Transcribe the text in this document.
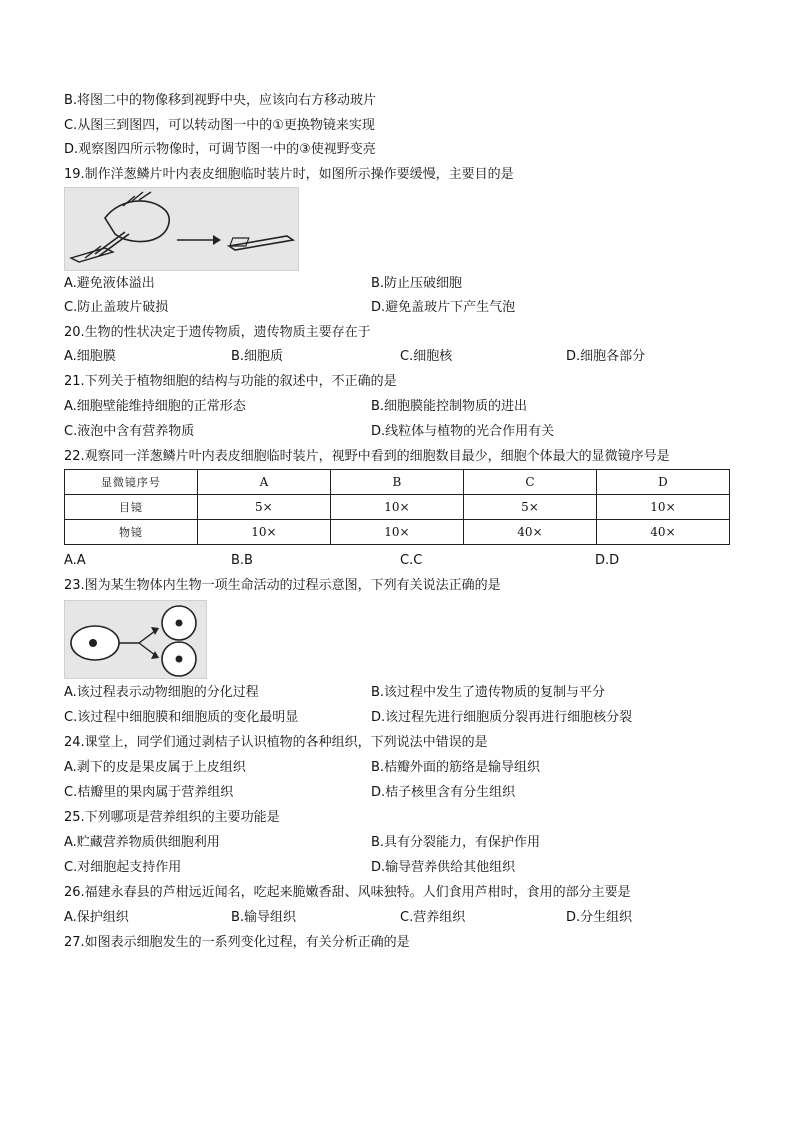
B.将图二中的物像移到视野中央，应该向右方移动玻片
C.从图三到图四，可以转动图一中的①更换物镜来实现
D.观察图四所示物像时，可调节图一中的③使视野变亮
19.制作洋葱鳞片叶内表皮细胞临时装片时，如图所示操作要缓慢，主要目的是
A.避免液体溢出	B.防止压破细胞
C.防止盖玻片破损	D.避免盖玻片下产生气泡
20.生物的性状决定于遗传物质，遗传物质主要存在于
A.细胞膜	B.细胞质	C.细胞核	D.细胞各部分
21.下列关于植物细胞的结构与功能的叙述中，不正确的是
A.细胞壁能维持细胞的正常形态	B.细胞膜能控制物质的进出
C.液泡中含有营养物质	D.线粒体与植物的光合作用有关
22.观察同一洋葱鳞片叶内表皮细胞临时装片，视野中看到的细胞数目最少，细胞个体最大的显微镜序号是
显微镜序号	A	B	C	D
目镜	5×	10×	5×	10×
物镜	10×	10×	40×	40×
A.A	B.B	C.C	D.D
23.图为某生物体内生物一项生命活动的过程示意图，下列有关说法正确的是
A.该过程表示动物细胞的分化过程	B.该过程中发生了遗传物质的复制与平分
C.该过程中细胞膜和细胞质的变化最明显	D.该过程先进行细胞质分裂再进行细胞核分裂
24.课堂上，同学们通过剥桔子认识植物的各种组织，下列说法中错误的是
A.剥下的皮是果皮属于上皮组织	B.桔瓣外面的筋络是输导组织
C.桔瓣里的果肉属于营养组织	D.桔子核里含有分生组织
25.下列哪项是营养组织的主要功能是
A.贮藏营养物质供细胞利用	B.具有分裂能力，有保护作用
C.对细胞起支持作用	D.输导营养供给其他组织
26.福建永春县的芦柑远近闻名，吃起来脆嫩香甜、风味独特。人们食用芦柑时，食用的部分主要是
A.保护组织	B.输导组织	C.营养组织	D.分生组织
27.如图表示细胞发生的一系列变化过程，有关分析正确的是
